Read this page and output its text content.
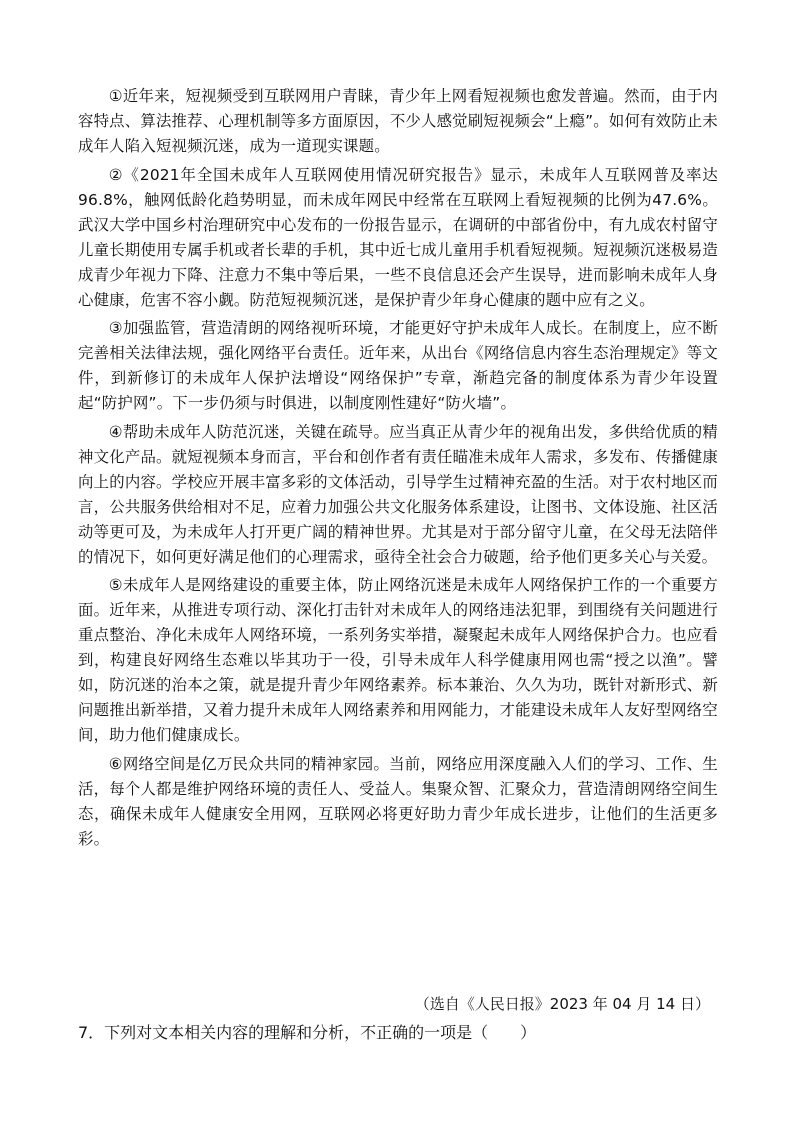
①近年来，短视频受到互联网用户青睐，青少年上网看短视频也愈发普遍。然而，由于内容特点、算法推荐、心理机制等多方面原因，不少人感觉刷短视频会“上瘾”。如何有效防止未成年人陷入短视频沉迷，成为一道现实课题。

②《2021年全国未成年人互联网使用情况研究报告》显示，未成年人互联网普及率达96.8%，触网低龄化趋势明显，而未成年网民中经常在互联网上看短视频的比例为47.6%。武汉大学中国乡村治理研究中心发布的一份报告显示，在调研的中部省份中，有九成农村留守儿童长期使用专属手机或者长辈的手机，其中近七成儿童用手机看短视频。短视频沉迷极易造成青少年视力下降、注意力不集中等后果，一些不良信息还会产生误导，进而影响未成年人身心健康，危害不容小觑。防范短视频沉迷，是保护青少年身心健康的题中应有之义。

③加强监管，营造清朗的网络视听环境，才能更好守护未成年人成长。在制度上，应不断完善相关法律法规，强化网络平台责任。近年来，从出台《网络信息内容生态治理规定》等文件，到新修订的未成年人保护法增设“网络保护”专章，渐趋完备的制度体系为青少年设置起“防护网”。下一步仍须与时俱进，以制度刚性建好“防火墙”。

④帮助未成年人防范沉迷，关键在疏导。应当真正从青少年的视角出发，多供给优质的精神文化产品。就短视频本身而言，平台和创作者有责任瞄准未成年人需求，多发布、传播健康向上的内容。学校应开展丰富多彩的文体活动，引导学生过精神充盈的生活。对于农村地区而言，公共服务供给相对不足，应着力加强公共文化服务体系建设，让图书、文体设施、社区活动等更可及，为未成年人打开更广阔的精神世界。尤其是对于部分留守儿童，在父母无法陪伴的情况下，如何更好满足他们的心理需求，亟待全社会合力破题，给予他们更多关心与关爱。

⑤未成年人是网络建设的重要主体，防止网络沉迷是未成年人网络保护工作的一个重要方面。近年来，从推进专项行动、深化打击针对未成年人的网络违法犯罪，到围绕有关问题进行重点整治、净化未成年人网络环境，一系列务实举措，凝聚起未成年人网络保护合力。也应看到，构建良好网络生态难以毕其功于一役，引导未成年人科学健康用网也需“授之以渔”。譬如，防沉迷的治本之策，就是提升青少年网络素养。标本兼治、久久为功，既针对新形式、新问题推出新举措，又着力提升未成年人网络素养和用网能力，才能建设未成年人友好型网络空间，助力他们健康成长。

⑥网络空间是亿万民众共同的精神家园。当前，网络应用深度融入人们的学习、工作、生活，每个人都是维护网络环境的责任人、受益人。集聚众智、汇聚众力，营造清朗网络空间生态，确保未成年人健康安全用网，互联网必将更好助力青少年成长进步，让他们的生活更多彩。

（选自《人民日报》2023 年 04 月 14 日）
7．下列对文本相关内容的理解和分析，不正确的一项是（　　）
